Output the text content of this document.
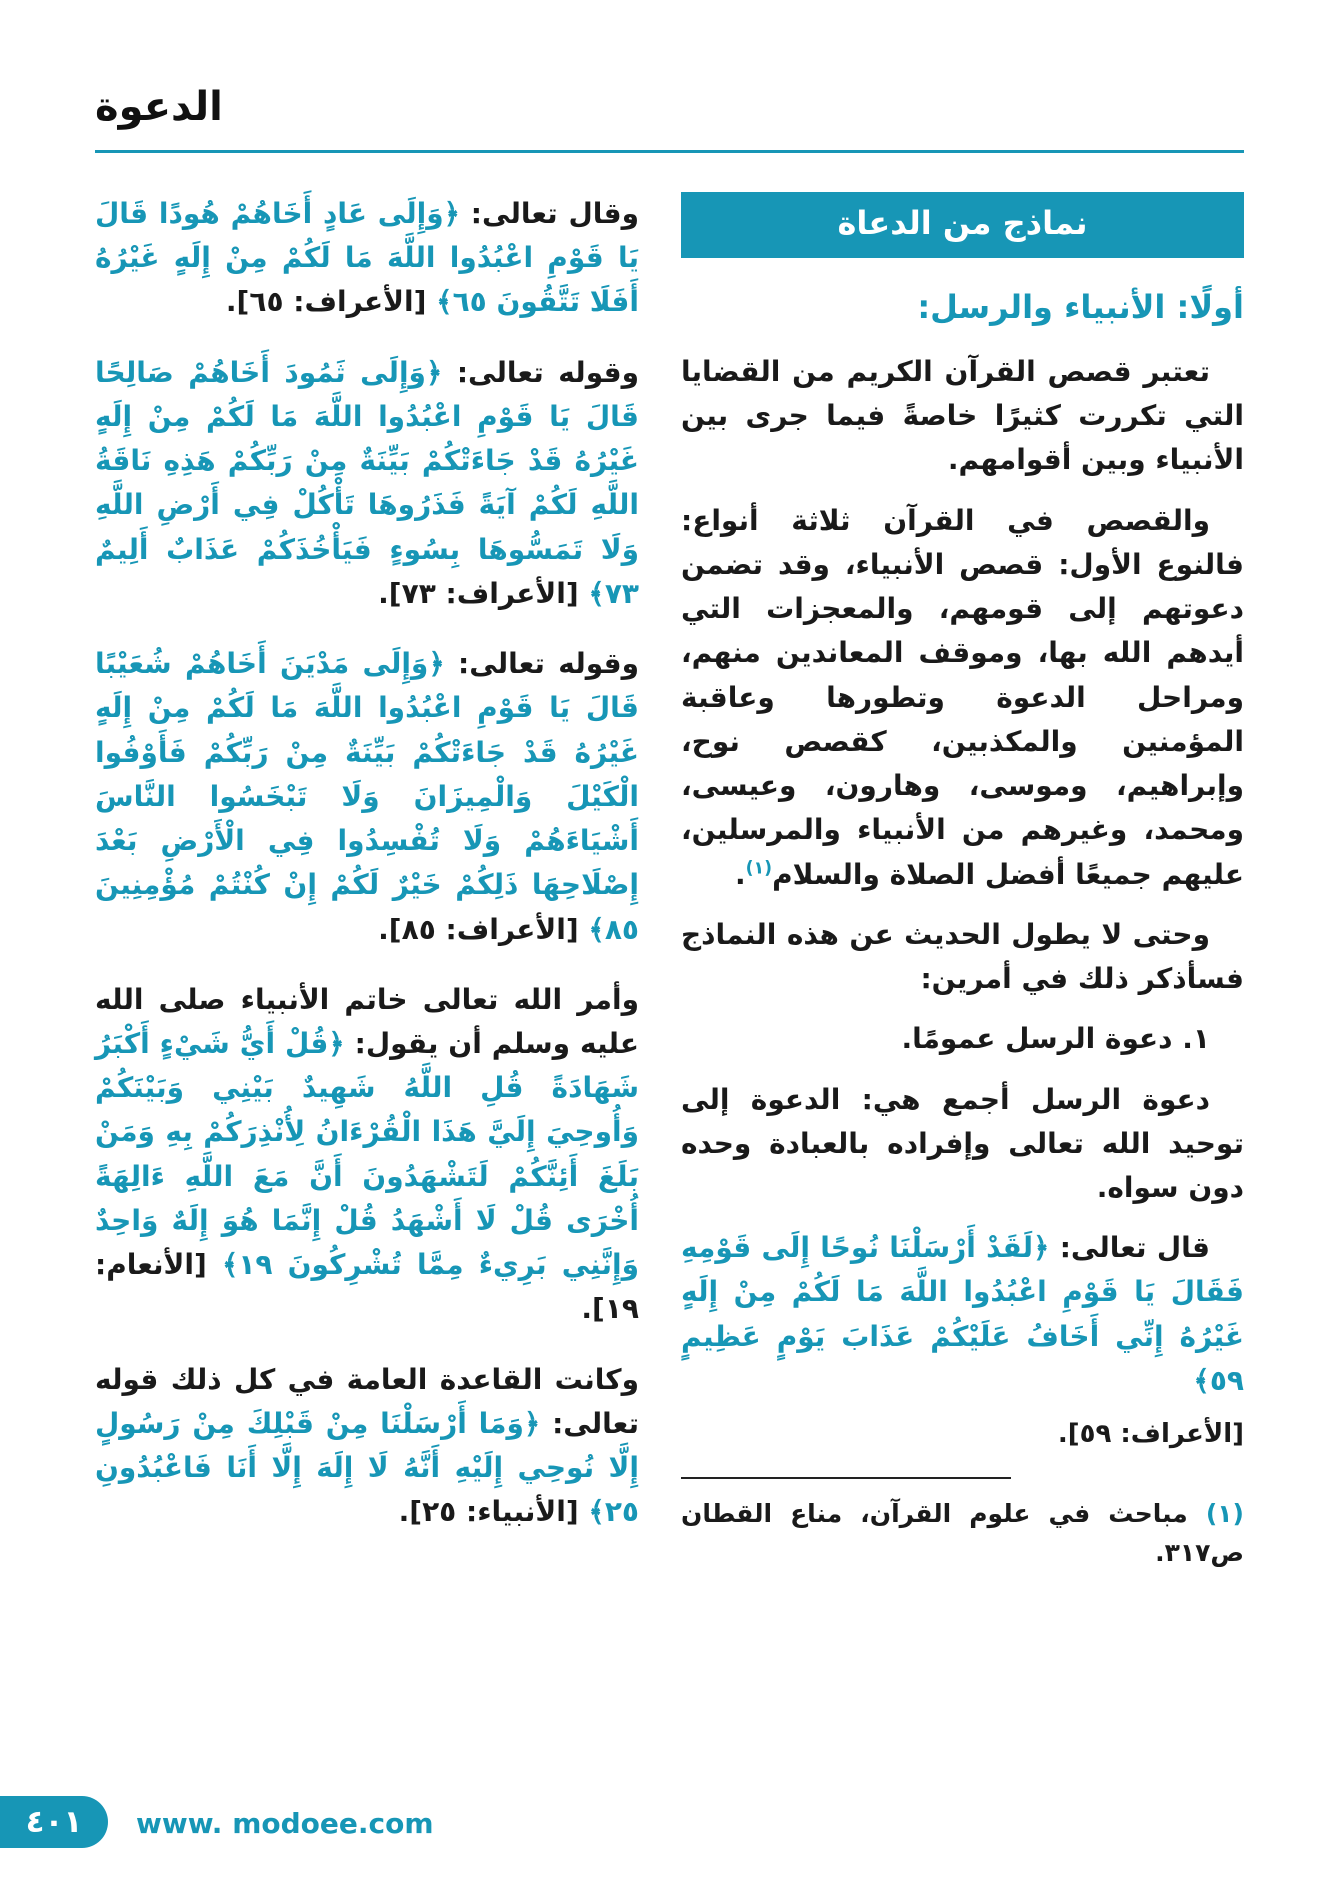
الدعوة
نماذج من الدعاة
أولًا: الأنبياء والرسل:

تعتبر قصص القرآن الكريم من القضايا التي تكررت كثيرًا خاصةً فيما جرى بين الأنبياء وبين أقوامهم.

والقصص في القرآن ثلاثة أنواع: فالنوع الأول: قصص الأنبياء، وقد تضمن دعوتهم إلى قومهم، والمعجزات التي أيدهم الله بها، وموقف المعاندين منهم، ومراحل الدعوة وتطورها وعاقبة المؤمنين والمكذبين، كقصص نوح، وإبراهيم، وموسى، وهارون، وعيسى، ومحمد، وغيرهم من الأنبياء والمرسلين، عليهم جميعًا أفضل الصلاة والسلام$^{(١)}$.

وحتى لا يطول الحديث عن هذه النماذج فسأذكر ذلك في أمرين:

١. دعوة الرسل عمومًا.

دعوة الرسل أجمع هي: الدعوة إلى توحيد الله تعالى وإفراده بالعبادة وحده دون سواه.

قال تعالى: ﴿لَقَدْ أَرْسَلْنَا نُوحًا إِلَى قَوْمِهِ فَقَالَ يَا قَوْمِ اعْبُدُوا اللَّهَ مَا لَكُمْ مِنْ إِلَهٍ غَيْرُهُ إِنِّي أَخَافُ عَلَيْكُمْ عَذَابَ يَوْمٍ عَظِيمٍ ٥٩﴾

[الأعراف: ٥٩].

(١) مباحث في علوم القرآن، مناع القطان ص٣١٧.

وقال تعالى: ﴿وَإِلَى عَادٍ أَخَاهُمْ هُودًا قَالَ يَا قَوْمِ اعْبُدُوا اللَّهَ مَا لَكُمْ مِنْ إِلَهٍ غَيْرُهُ أَفَلَا تَتَّقُونَ ٦٥﴾ [الأعراف: ٦٥].

وقوله تعالى: ﴿وَإِلَى ثَمُودَ أَخَاهُمْ صَالِحًا قَالَ يَا قَوْمِ اعْبُدُوا اللَّهَ مَا لَكُمْ مِنْ إِلَهٍ غَيْرُهُ قَدْ جَاءَتْكُمْ بَيِّنَةٌ مِنْ رَبِّكُمْ هَذِهِ نَاقَةُ اللَّهِ لَكُمْ آيَةً فَذَرُوهَا تَأْكُلْ فِي أَرْضِ اللَّهِ وَلَا تَمَسُّوهَا بِسُوءٍ فَيَأْخُذَكُمْ عَذَابٌ أَلِيمٌ ٧٣﴾ [الأعراف: ٧٣].

وقوله تعالى: ﴿وَإِلَى مَدْيَنَ أَخَاهُمْ شُعَيْبًا قَالَ يَا قَوْمِ اعْبُدُوا اللَّهَ مَا لَكُمْ مِنْ إِلَهٍ غَيْرُهُ قَدْ جَاءَتْكُمْ بَيِّنَةٌ مِنْ رَبِّكُمْ فَأَوْفُوا الْكَيْلَ وَالْمِيزَانَ وَلَا تَبْخَسُوا النَّاسَ أَشْيَاءَهُمْ وَلَا تُفْسِدُوا فِي الْأَرْضِ بَعْدَ إِصْلَاحِهَا ذَلِكُمْ خَيْرٌ لَكُمْ إِنْ كُنْتُمْ مُؤْمِنِينَ ٨٥﴾ [الأعراف: ٨٥].

وأمر الله تعالى خاتم الأنبياء صلى الله عليه وسلم أن يقول: ﴿قُلْ أَيُّ شَيْءٍ أَكْبَرُ شَهَادَةً قُلِ اللَّهُ شَهِيدٌ بَيْنِي وَبَيْنَكُمْ وَأُوحِيَ إِلَيَّ هَذَا الْقُرْءَانُ لِأُنْذِرَكُمْ بِهِ وَمَنْ بَلَغَ أَئِنَّكُمْ لَتَشْهَدُونَ أَنَّ مَعَ اللَّهِ ءَالِهَةً أُخْرَى قُلْ لَا أَشْهَدُ قُلْ إِنَّمَا هُوَ إِلَهٌ وَاحِدٌ وَإِنَّنِي بَرِيءٌ مِمَّا تُشْرِكُونَ ١٩﴾ [الأنعام: ١٩].

وكانت القاعدة العامة في كل ذلك قوله تعالى: ﴿وَمَا أَرْسَلْنَا مِنْ قَبْلِكَ مِنْ رَسُولٍ إِلَّا نُوحِي إِلَيْهِ أَنَّهُ لَا إِلَهَ إِلَّا أَنَا فَاعْبُدُونِ ٢٥﴾ [الأنبياء: ٢٥].

٤٠١	www. modoee.com
